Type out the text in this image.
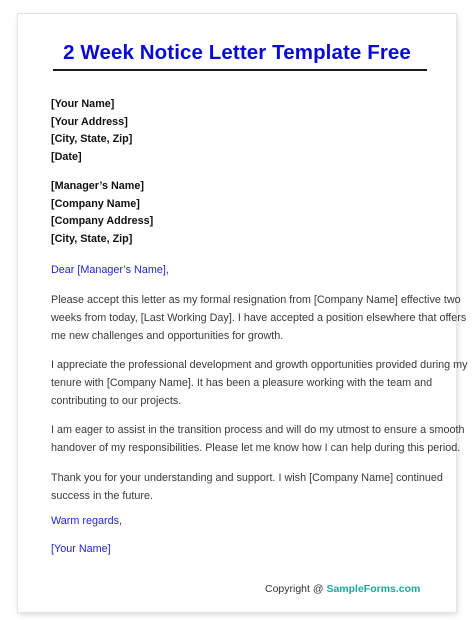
2 Week Notice Letter Template Free
[Your Name]
[Your Address]
[City, State, Zip]
[Date]
[Manager’s Name]
[Company Name]
[Company Address]
[City, State, Zip]
Dear [Manager’s Name],
Please accept this letter as my formal resignation from [Company Name] effective two
weeks from today, [Last Working Day]. I have accepted a position elsewhere that offers
me new challenges and opportunities for growth.
I appreciate the professional development and growth opportunities provided during my
tenure with [Company Name]. It has been a pleasure working with the team and
contributing to our projects.
I am eager to assist in the transition process and will do my utmost to ensure a smooth
handover of my responsibilities. Please let me know how I can help during this period.
Thank you for your understanding and support. I wish [Company Name] continued
success in the future.
Warm regards,
[Your Name]
Copyright @ SampleForms.com
